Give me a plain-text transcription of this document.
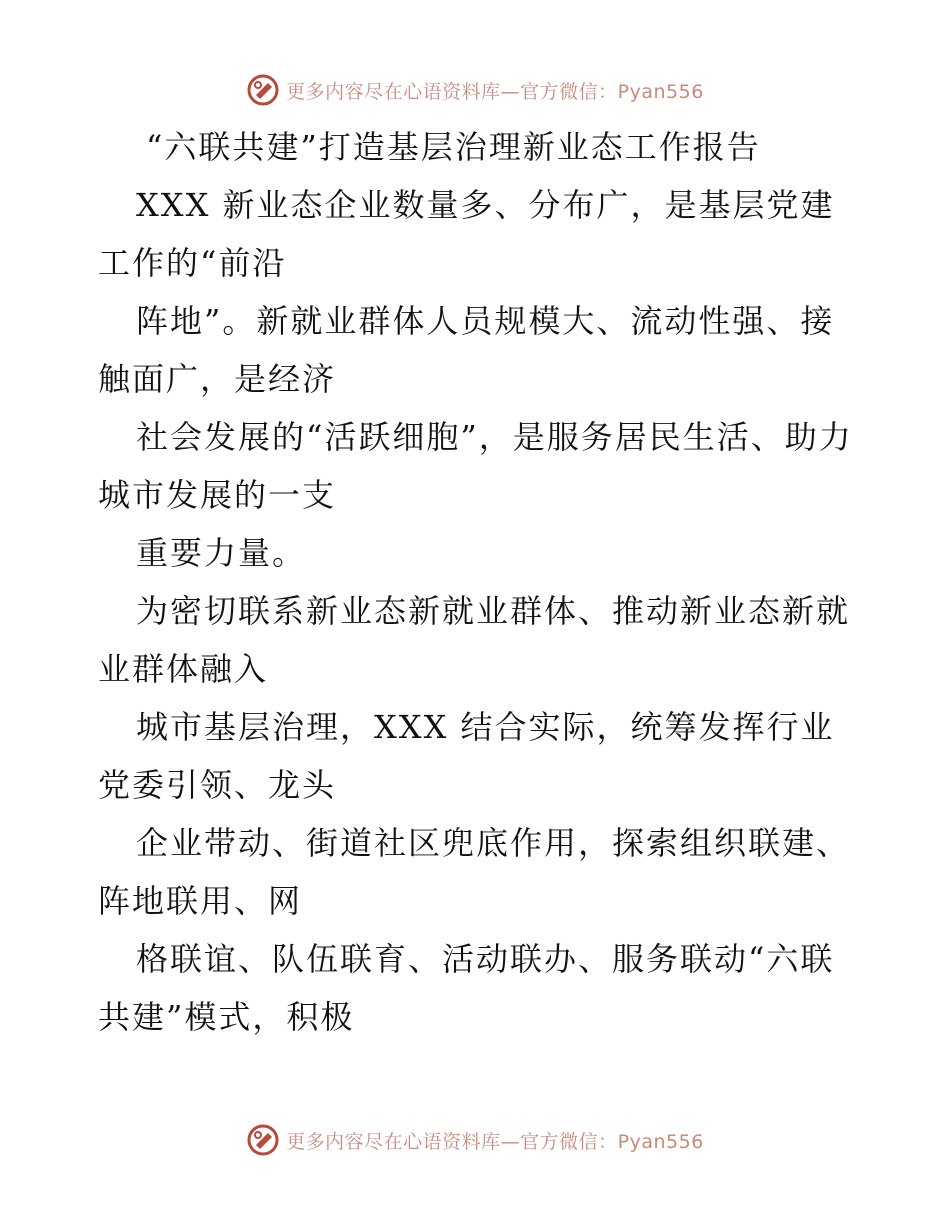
更多内容尽在心语资料库—官方微信：Pyan556
“六联共建”打造基层治理新业态工作报告

XXX 新业态企业数量多、分布广，是基层党建工作的“前沿

阵地”。新就业群体人员规模大、流动性强、接触面广，是经济

社会发展的“活跃细胞”，是服务居民生活、助力城市发展的一支

重要力量。

为密切联系新业态新就业群体、推动新业态新就业群体融入

城市基层治理，XXX 结合实际，统筹发挥行业党委引领、龙头

企业带动、街道社区兜底作用，探索组织联建、阵地联用、网

格联谊、队伍联育、活动联办、服务联动“六联共建”模式，积极

更多内容尽在心语资料库—官方微信：Pyan556
